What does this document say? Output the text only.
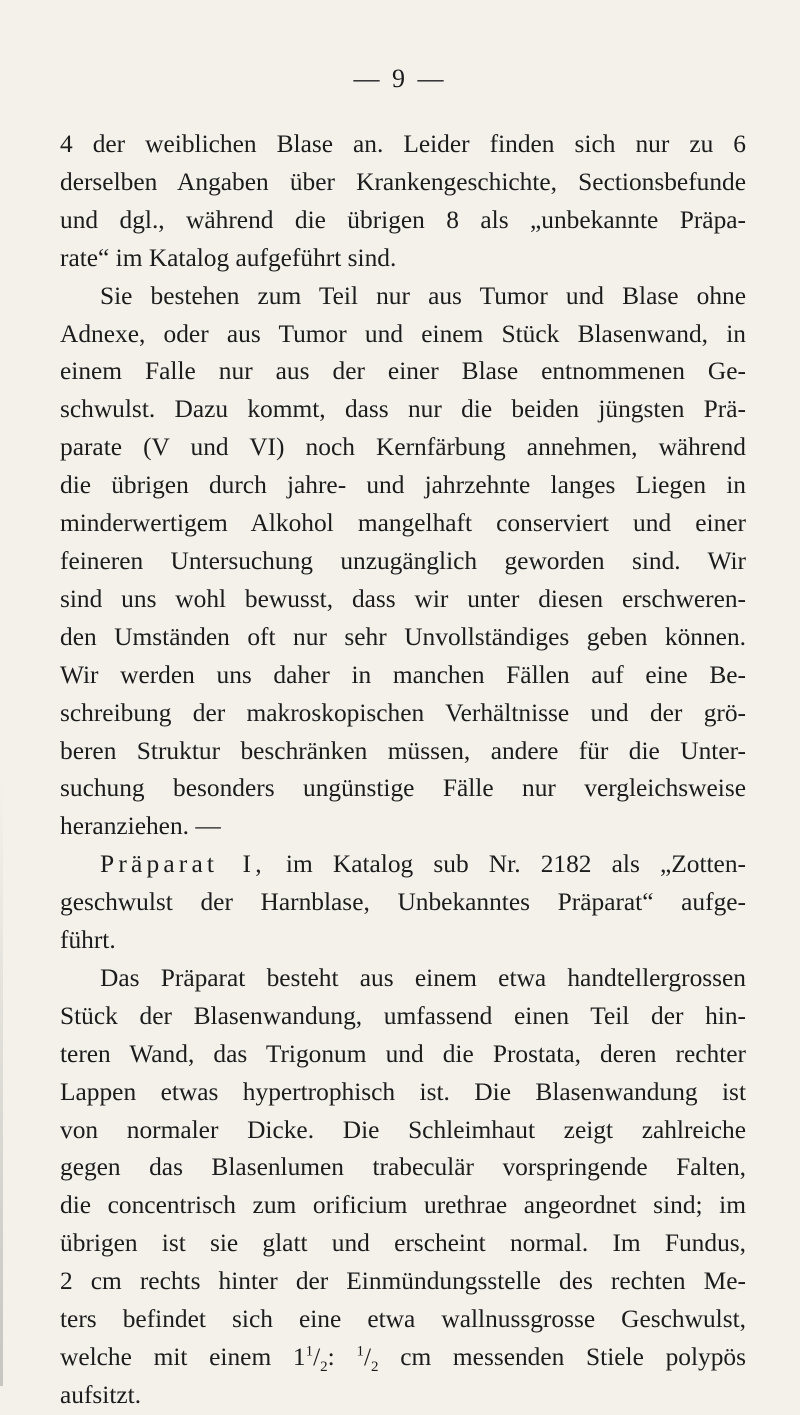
— 9 —
4 der weiblichen Blase an. Leider finden sich nur zu 6
derselben Angaben über Krankengeschichte, Sectionsbefunde
und dgl., während die übrigen 8 als „unbekannte Präpa-
rate“ im Katalog aufgeführt sind.
Sie bestehen zum Teil nur aus Tumor und Blase ohne
Adnexe, oder aus Tumor und einem Stück Blasenwand, in
einem Falle nur aus der einer Blase entnommenen Ge-
schwulst. Dazu kommt, dass nur die beiden jüngsten Prä-
parate (V und VI) noch Kernfärbung annehmen, während
die übrigen durch jahre- und jahrzehnte langes Liegen in
minderwertigem Alkohol mangelhaft conserviert und einer
feineren Untersuchung unzugänglich geworden sind. Wir
sind uns wohl bewusst, dass wir unter diesen erschweren-
den Umständen oft nur sehr Unvollständiges geben können.
Wir werden uns daher in manchen Fällen auf eine Be-
schreibung der makroskopischen Verhältnisse und der grö-
beren Struktur beschränken müssen, andere für die Unter-
suchung besonders ungünstige Fälle nur vergleichsweise
heranziehen. —
Präparat I, im Katalog sub Nr. 2182 als „Zotten-
geschwulst der Harnblase, Unbekanntes Präparat“ aufge-
führt.
Das Präparat besteht aus einem etwa handtellergrossen
Stück der Blasenwandung, umfassend einen Teil der hin-
teren Wand, das Trigonum und die Prostata, deren rechter
Lappen etwas hypertrophisch ist. Die Blasenwandung ist
von normaler Dicke. Die Schleimhaut zeigt zahlreiche
gegen das Blasenlumen trabeculär vorspringende Falten,
die concentrisch zum orificium urethrae angeordnet sind; im
übrigen ist sie glatt und erscheint normal. Im Fundus,
2 cm rechts hinter der Einmündungsstelle des rechten Me-
ters befindet sich eine etwa wallnussgrosse Geschwulst,
welche mit einem $1^1/_2$: $^1/_2$ cm messenden Stiele polypös
aufsitzt.
